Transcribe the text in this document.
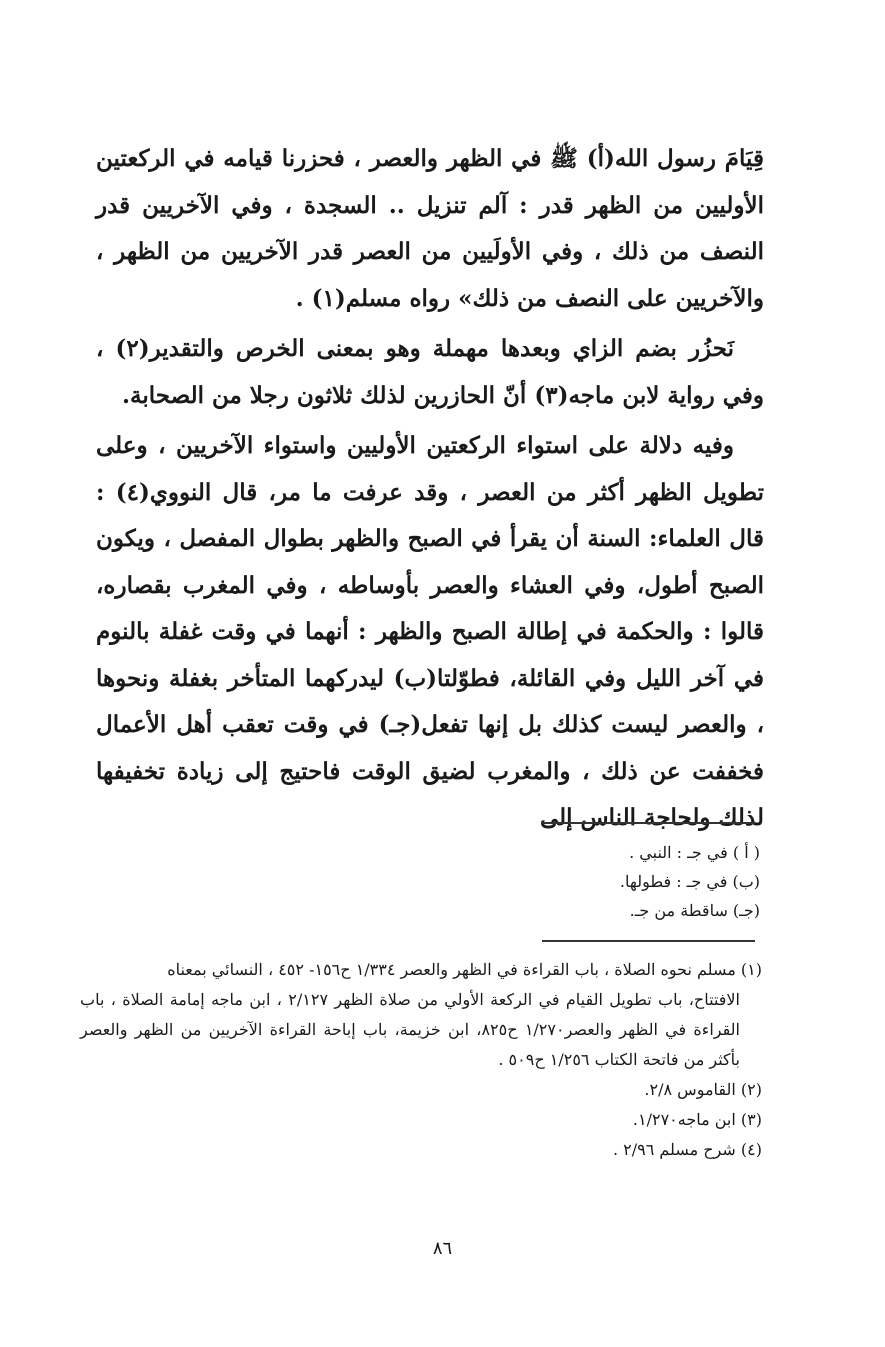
قِيَامَ رسول الله(أ) ﷺ في الظهر والعصر ، فحزرنا قيامه في الركعتين الأوليين من الظهر قدر : آلم تنزيل .. السجدة ، وفي الآخريين قدر النصف من ذلك ، وفي الأولَيين من العصر قدر الآخريين من الظهر ، والآخريين على النصف من ذلك» رواه مسلم(١) .

نَحزُر بضم الزاي وبعدها مهملة وهو بمعنى الخرص والتقدير(٢) ، وفي رواية لابن ماجه(٣) أنّ الحازرين لذلك ثلاثون رجلا من الصحابة.

وفيه دلالة على استواء الركعتين الأوليين واستواء الآخريين ، وعلى تطويل الظهر أكثر من العصر ، وقد عرفت ما مر، قال النووي(٤) : قال العلماء: السنة أن يقرأ في الصبح والظهر بطوال المفصل ، ويكون الصبح أطول، وفي العشاء والعصر بأوساطه ، وفي المغرب بقصاره، قالوا : والحكمة في إطالة الصبح والظهر : أنهما في وقت غفلة بالنوم في آخر الليل وفي القائلة، فطوّلتا(ب) ليدركهما المتأخر بغفلة ونحوها ، والعصر ليست كذلك بل إنها تفعل(جـ) في وقت تعقب أهل الأعمال فخففت عن ذلك ، والمغرب لضيق الوقت فاحتيج إلى زيادة تخفيفها لذلك ولحاجة الناس إلى

( أ ) في جـ : النبي .
(ب) في جـ : فطولها.
(جـ) ساقطة من جـ.
(١) مسلم نحوه الصلاة ، باب القراءة في الظهر والعصر ١/٣٣٤ ح١٥٦- ٤٥٢ ، النسائي بمعناه
الافتتاح، باب تطويل القيام في الركعة الأولي من صلاة الظهر ٢/١٢٧ ، ابن ماجه إمامة الصلاة ، باب القراءة في الظهر والعصر١/٢٧٠ ح٨٢٥، ابن خزيمة، باب إباحة القراءة الآخريين من الظهر والعصر بأكثر من فاتحة الكتاب ١/٢٥٦ ح٥٠٩ .
(٢) القاموس ٢/٨.
(٣) ابن ماجه١/٢٧٠.
(٤) شرح مسلم ٢/٩٦ .
٨٦
